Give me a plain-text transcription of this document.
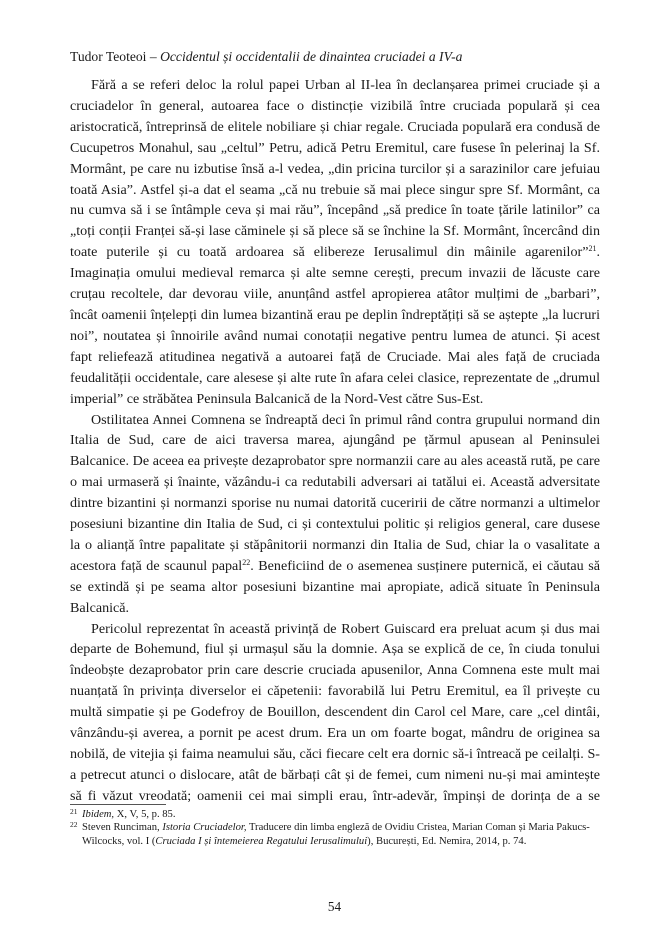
Tudor Teoteoi – Occidentul și occidentalii de dinaintea cruciadei a IV-a

Fără a se referi deloc la rolul papei Urban al II-lea în declanșarea primei cruciade și a cruciadelor în general, autoarea face o distincție vizibilă între cruciada populară și cea aristocratică, întreprinsă de elitele nobiliare și chiar regale. Cruciada populară era condusă de Cucupetros Monahul, sau „celtul” Petru, adică Petru Eremitul, care fusese în pelerinaj la Sf. Mormânt, pe care nu izbutise însă a-l vedea, „din pricina turcilor și a sarazinilor care jefuiau toată Asia”. Astfel și-a dat el seama „că nu trebuie să mai plece singur spre Sf. Mormânt, ca nu cumva să i se întâmple ceva și mai rău”, începând „să predice în toate țările latinilor” ca „toți conții Franței să-și lase căminele și să plece să se închine la Sf. Mormânt, încercând din toate puterile și cu toată ardoarea să elibereze Ierusalimul din mâinile agarenilor”$^{21}$. Imaginația omului medieval remarca și alte semne cerești, precum invazii de lăcuste care cruțau recoltele, dar devorau viile, anunțând astfel apropierea atâtor mulțimi de „barbari”, încât oamenii înțelepți din lumea bizantină erau pe deplin îndreptățiți să se aștepte „la lucruri noi”, noutatea și înnoirile având numai conotații negative pentru lumea de atunci. Și acest fapt reliefează atitudinea negativă a autoarei față de Cruciade. Mai ales față de cruciada feudalității occidentale, care alesese și alte rute în afara celei clasice, reprezentate de „drumul imperial” ce străbătea Peninsula Balcanică de la Nord-Vest către Sus-Est.

Ostilitatea Annei Comnena se îndreaptă deci în primul rând contra grupului normand din Italia de Sud, care de aici traversa marea, ajungând pe țărmul apusean al Peninsulei Balcanice. De aceea ea privește dezaprobator spre normanzii care au ales această rută, pe care o mai urmaseră și înainte, văzându-i ca redutabili adversari ai tatălui ei. Această adversitate dintre bizantini și normanzi sporise nu numai datorită cuceririi de către normanzi a ultimelor posesiuni bizantine din Italia de Sud, ci și contextului politic și religios general, care dusese la o alianță între papalitate și stăpânitorii normanzi din Italia de Sud, chiar la o vasalitate a acestora față de scaunul papal$^{22}$. Beneficiind de o asemenea susținere puternică, ei căutau să se extindă și pe seama altor posesiuni bizantine mai apropiate, adică situate în Peninsula Balcanică.

Pericolul reprezentat în această privință de Robert Guiscard era preluat acum și dus mai departe de Bohemund, fiul și urmașul său la domnie. Așa se explică de ce, în ciuda tonului îndeobște dezaprobator prin care descrie cruciada apusenilor, Anna Comnena este mult mai nuanțată în privința diverselor ei căpetenii: favorabilă lui Petru Eremitul, ea îl privește cu multă simpatie și pe Godefroy de Bouillon, descendent din Carol cel Mare, care „cel dintâi, vânzându-și averea, a pornit pe acest drum. Era un om foarte bogat, mândru de originea sa nobilă, de vitejia și faima neamului său, căci fiecare celt era dornic să-i întreacă pe ceilalți. S-a petrecut atunci o dislocare, atât de bărbați cât și de femei, cum nimeni nu-și mai amintește să fi văzut vreodată; oamenii cei mai simpli erau, într-adevăr, împinși de dorința de a se

21 Ibidem, X, V, 5, p. 85.
22 Steven Runciman, Istoria Cruciadelor, Traducere din limba engleză de Ovidiu Cristea, Marian Coman și Maria Pakucs-Wilcocks, vol. I (Cruciada I și întemeierea Regatului Ierusalimului), București, Ed. Nemira, 2014, p. 74.
54
